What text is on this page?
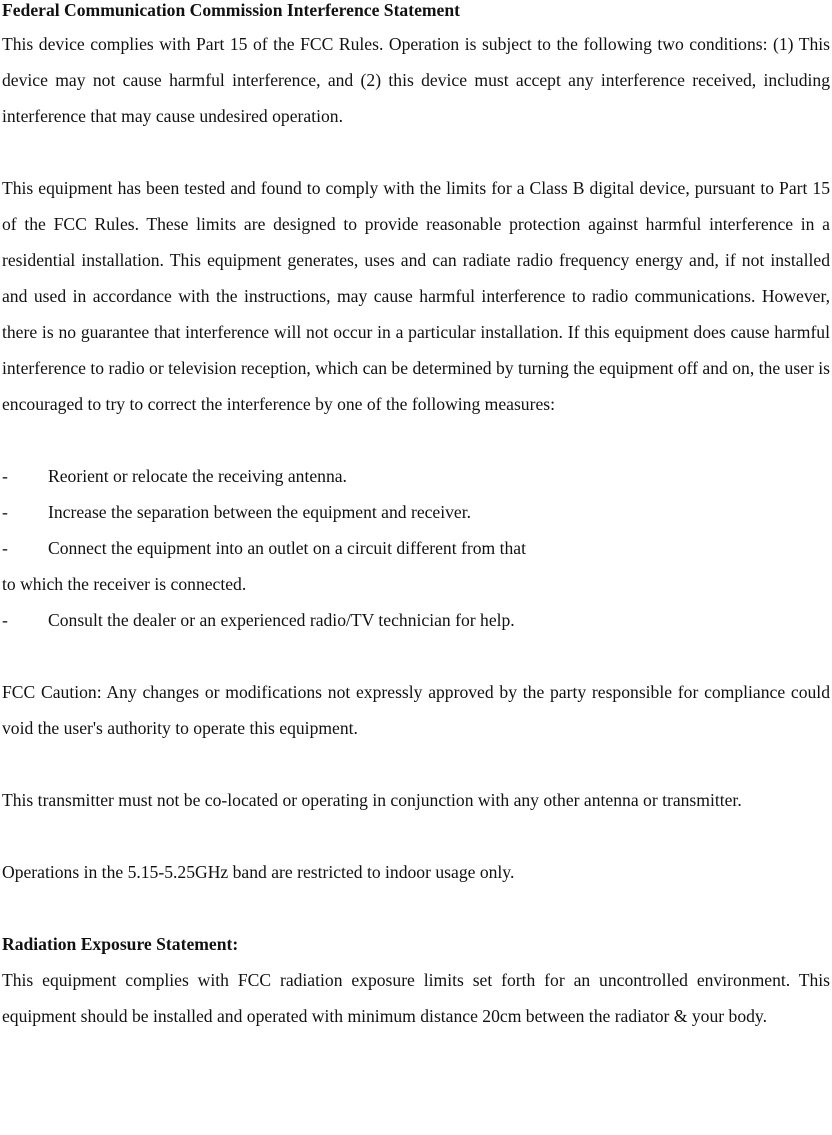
Federal Communication Commission Interference Statement

This device complies with Part 15 of the FCC Rules. Operation is subject to the following two conditions: (1) This device may not cause harmful interference, and (2) this device must accept any interference received, including interference that may cause undesired operation.

This equipment has been tested and found to comply with the limits for a Class B digital device, pursuant to Part 15 of the FCC Rules. These limits are designed to provide reasonable protection against harmful interference in a residential installation. This equipment generates, uses and can radiate radio frequency energy and, if not installed and used in accordance with the instructions, may cause harmful interference to radio communications. However, there is no guarantee that interference will not occur in a particular installation. If this equipment does cause harmful interference to radio or television reception, which can be determined by turning the equipment off and on, the user is encouraged to try to correct the interference by one of the following measures:

-	Reorient or relocate the receiving antenna.
-	Increase the separation between the equipment and receiver.
-	Connect the equipment into an outlet on a circuit different from that

to which the receiver is connected.

-	Consult the dealer or an experienced radio/TV technician for help.

FCC Caution: Any changes or modifications not expressly approved by the party responsible for compliance could void the user's authority to operate this equipment.

This transmitter must not be co-located or operating in conjunction with any other antenna or transmitter.

Operations in the 5.15-5.25GHz band are restricted to indoor usage only.

Radiation Exposure Statement:

This equipment complies with FCC radiation exposure limits set forth for an uncontrolled environment. This equipment should be installed and operated with minimum distance 20cm between the radiator & your body.
